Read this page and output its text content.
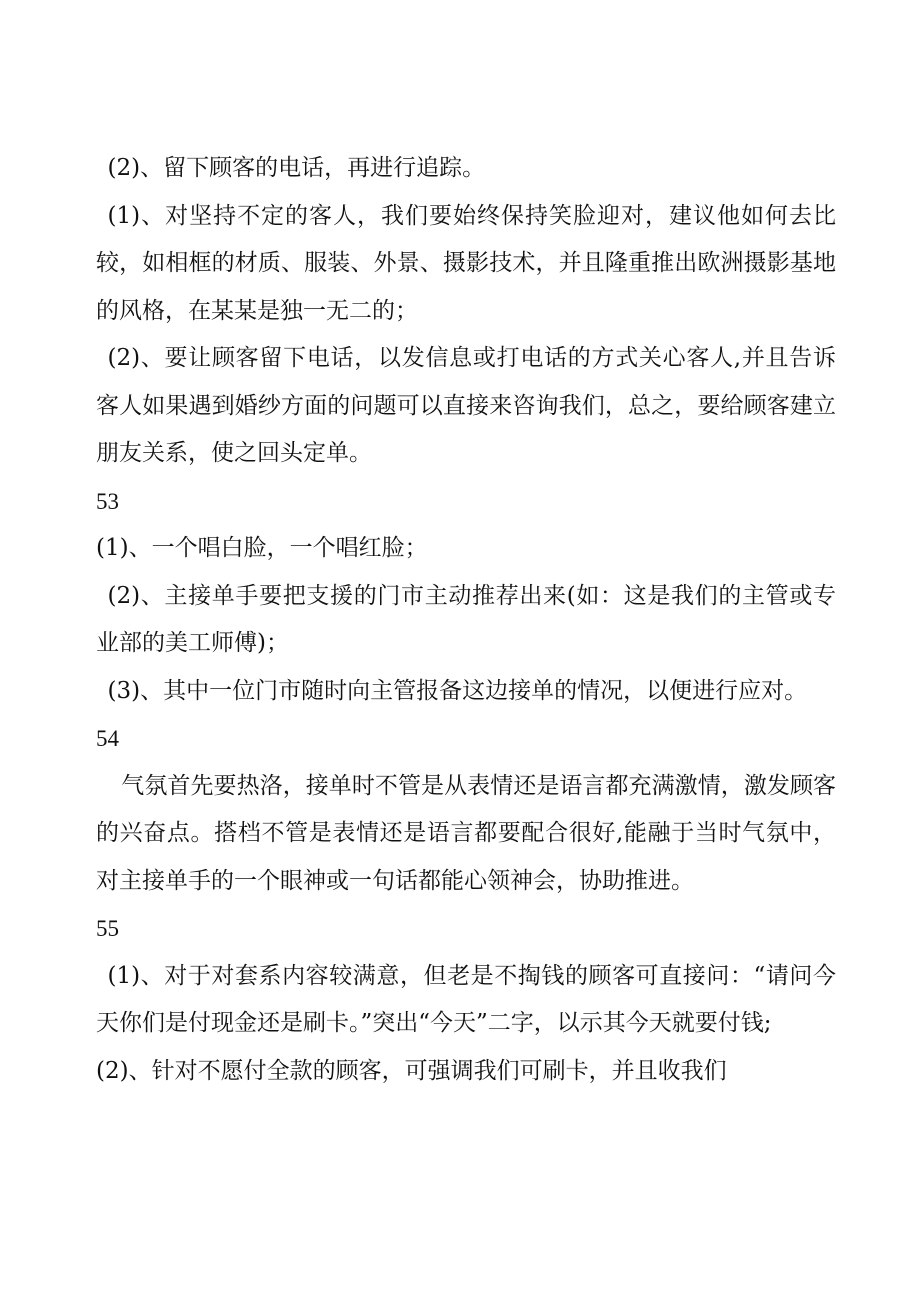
(2)、留下顾客的电话，再进行追踪。

(1)、对坚持不定的客人，我们要始终保持笑脸迎对，建议他如何去比较，如相框的材质、服装、外景、摄影技术，并且隆重推出欧洲摄影基地的风格，在某某是独一无二的；

(2)、要让顾客留下电话，以发信息或打电话的方式关心客人,并且告诉客人如果遇到婚纱方面的问题可以直接来咨询我们，总之，要给顾客建立朋友关系，使之回头定单。

53

(1)、一个唱白脸，一个唱红脸；

(2)、主接单手要把支援的门市主动推荐出来(如：这是我们的主管或专业部的美工师傅)；

(3)、其中一位门市随时向主管报备这边接单的情况，以便进行应对。

54

气氛首先要热洛，接单时不管是从表情还是语言都充满激情，激发顾客的兴奋点。搭档不管是表情还是语言都要配合很好,能融于当时气氛中，对主接单手的一个眼神或一句话都能心领神会，协助推进。

55

(1)、对于对套系内容较满意，但老是不掏钱的顾客可直接问：“请问今天你们是付现金还是刷卡。”突出“今天”二字，以示其今天就要付钱;

(2)、针对不愿付全款的顾客，可强调我们可刷卡，并且收我们
